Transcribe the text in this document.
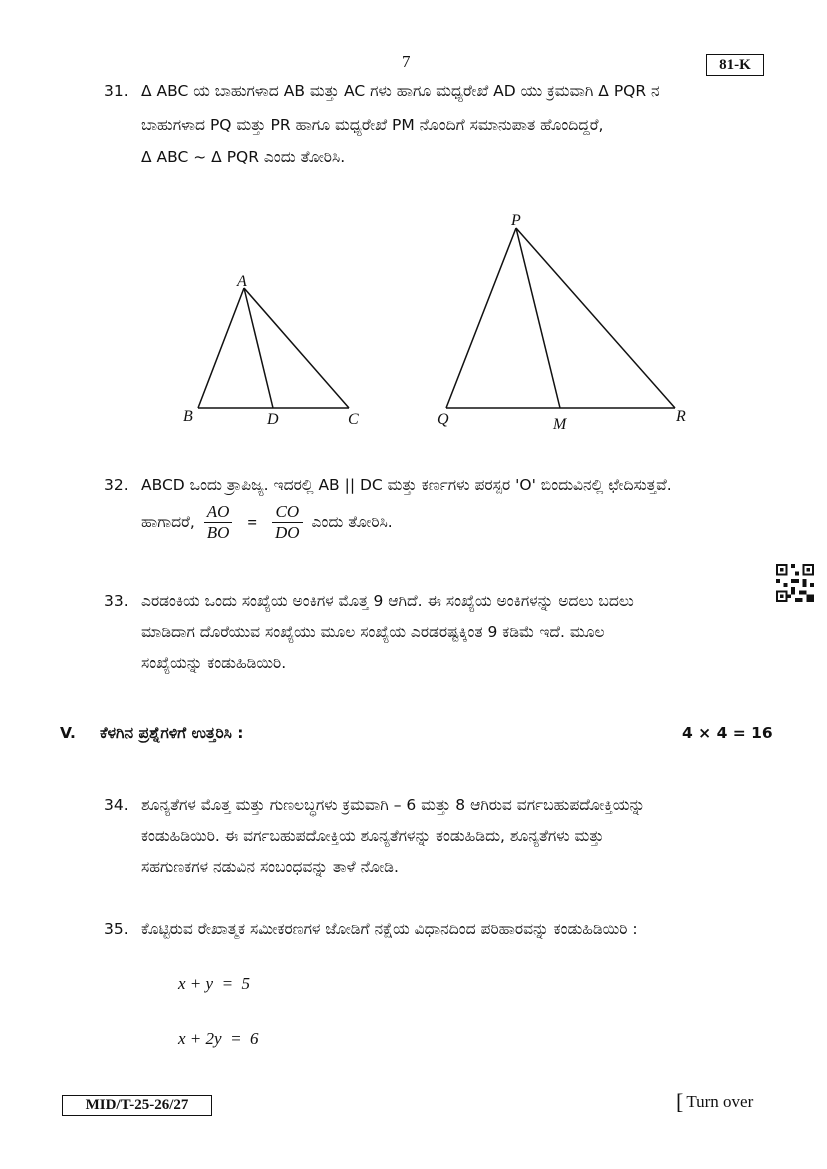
7	81-K
31. Δ ABC ಯ ಬಾಹುಗಳಾದ AB ಮತ್ತು AC ಗಳು ಹಾಗೂ ಮಧ್ಯರೇಖೆ AD ಯು ಕ್ರಮವಾಗಿ Δ PQR ನ
ಬಾಹುಗಳಾದ PQ ಮತ್ತು PR ಹಾಗೂ ಮಧ್ಯರೇಖೆ PM ನೊಂದಿಗೆ ಸಮಾನುಪಾತ ಹೊಂದಿದ್ದರೆ,
Δ ABC ~ Δ PQR ಎಂದು ತೋರಿಸಿ.
A
B	D	C
P
Q	M	R
32. ABCD ಒಂದು ತ್ರಾಪಿಜ್ಯ. ಇದರಲ್ಲಿ AB || DC ಮತ್ತು ಕರ್ಣಗಳು ಪರಸ್ಪರ 'O' ಬಿಂದುವಿನಲ್ಲಿ ಛೇದಿಸುತ್ತವೆ.
ಹಾಗಾದರೆ, $\frac{AO}{BO} = \frac{CO}{DO}$ ಎಂದು ತೋರಿಸಿ.
33. ಎರಡಂಕಿಯ ಒಂದು ಸಂಖ್ಯೆಯ ಅಂಕಿಗಳ ಮೊತ್ತ 9 ಆಗಿದೆ. ಈ ಸಂಖ್ಯೆಯ ಅಂಕಿಗಳನ್ನು ಅದಲು ಬದಲು
ಮಾಡಿದಾಗ ದೊರೆಯುವ ಸಂಖ್ಯೆಯು ಮೂಲ ಸಂಖ್ಯೆಯ ಎರಡರಷ್ಟಕ್ಕಿಂತ 9 ಕಡಿಮೆ ಇದೆ. ಮೂಲ
ಸಂಖ್ಯೆಯನ್ನು ಕಂಡುಹಿಡಿಯಿರಿ.
V. ಕೆಳಗಿನ ಪ್ರಶ್ನೆಗಳಿಗೆ ಉತ್ತರಿಸಿ :	4 × 4 = 16
34. ಶೂನ್ಯತೆಗಳ ಮೊತ್ತ ಮತ್ತು ಗುಣಲಬ್ಧಗಳು ಕ್ರಮವಾಗಿ – 6 ಮತ್ತು 8 ಆಗಿರುವ ವರ್ಗಬಹುಪದೋಕ್ತಿಯನ್ನು
ಕಂಡುಹಿಡಿಯಿರಿ. ಈ ವರ್ಗಬಹುಪದೋಕ್ತಿಯ ಶೂನ್ಯತೆಗಳನ್ನು ಕಂಡುಹಿಡಿದು, ಶೂನ್ಯತೆಗಳು ಮತ್ತು
ಸಹಗುಣಕಗಳ ನಡುವಿನ ಸಂಬಂಧವನ್ನು ತಾಳೆ ನೋಡಿ.
35. ಕೊಟ್ಟಿರುವ ರೇಖಾತ್ಮಕ ಸಮೀಕರಣಗಳ ಜೋಡಿಗೆ ನಕ್ಷೆಯ ವಿಧಾನದಿಂದ ಪರಿಹಾರವನ್ನು ಕಂಡುಹಿಡಿಯಿರಿ :
x + y  =  5
x + 2y  =  6
MID/T-25-26/27	[ Turn over
